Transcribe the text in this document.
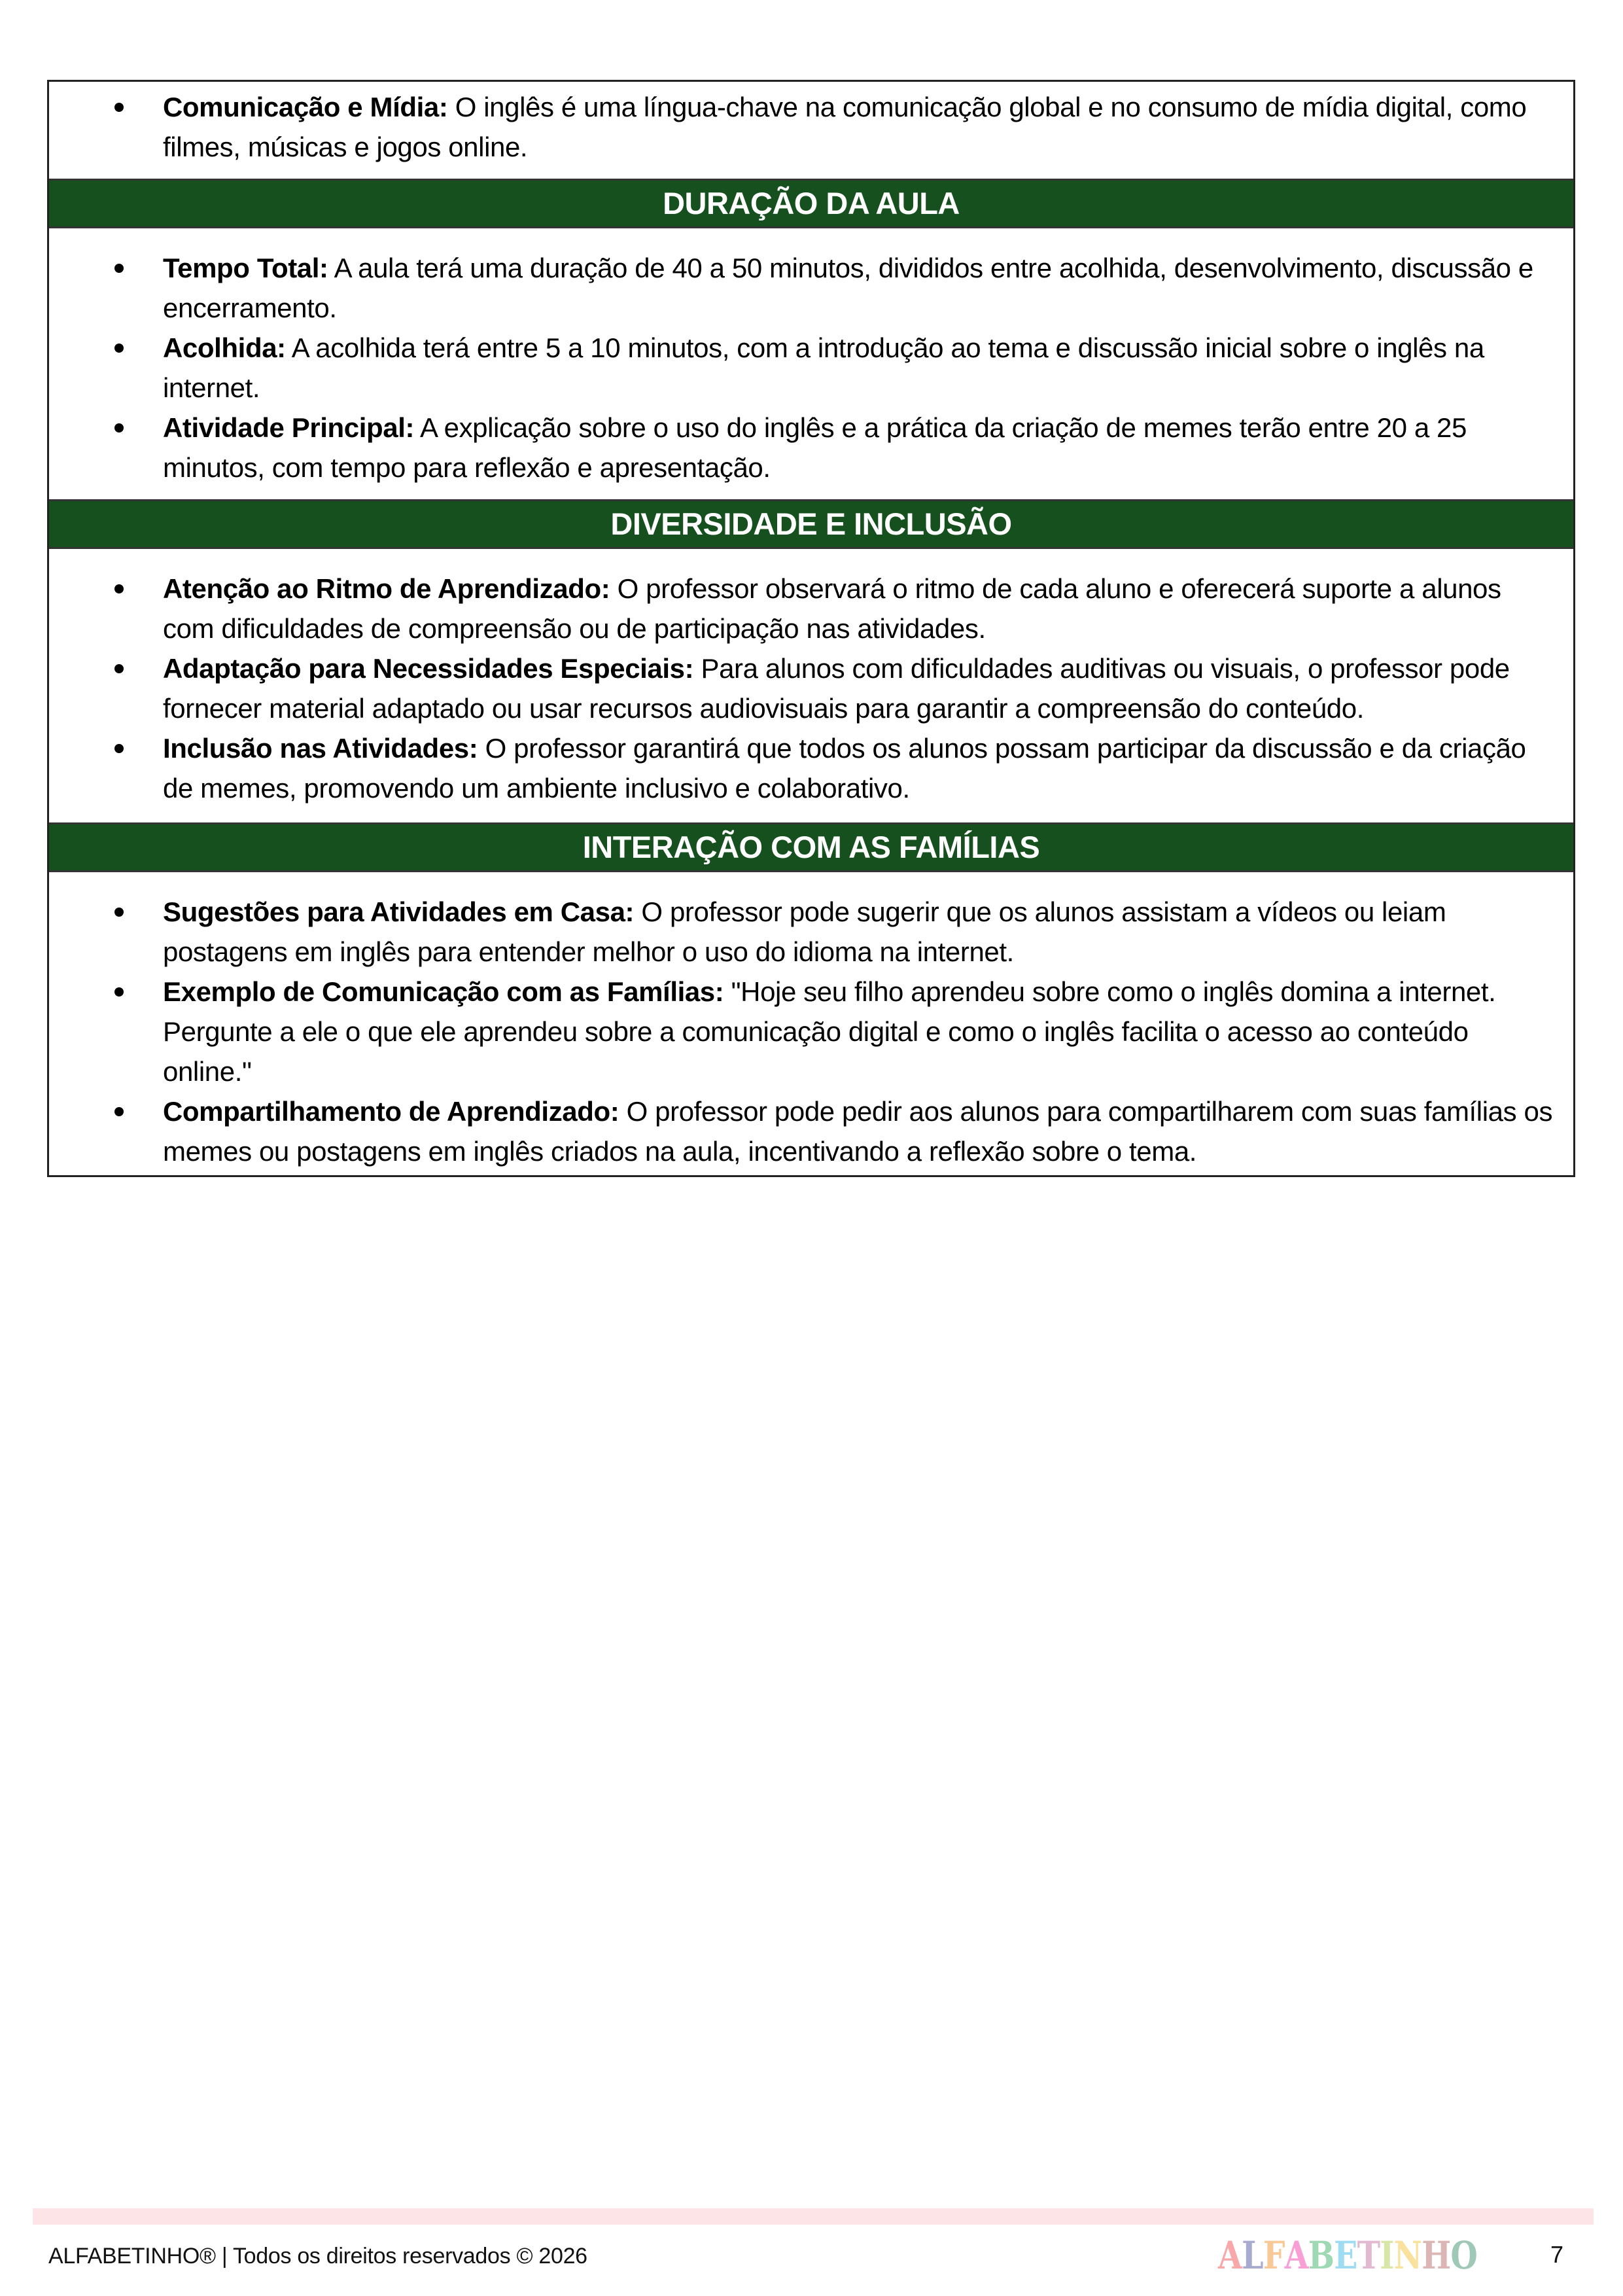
Comunicação e Mídia: O inglês é uma língua-chave na comunicação global e no consumo de mídia digital, como filmes, músicas e jogos online.
DURAÇÃO DA AULA
Tempo Total: A aula terá uma duração de 40 a 50 minutos, divididos entre acolhida, desenvolvimento, discussão e encerramento.
Acolhida: A acolhida terá entre 5 a 10 minutos, com a introdução ao tema e discussão inicial sobre o inglês na internet.
Atividade Principal: A explicação sobre o uso do inglês e a prática da criação de memes terão entre 20 a 25 minutos, com tempo para reflexão e apresentação.
DIVERSIDADE E INCLUSÃO
Atenção ao Ritmo de Aprendizado: O professor observará o ritmo de cada aluno e oferecerá suporte a alunos com dificuldades de compreensão ou de participação nas atividades.
Adaptação para Necessidades Especiais: Para alunos com dificuldades auditivas ou visuais, o professor pode fornecer material adaptado ou usar recursos audiovisuais para garantir a compreensão do conteúdo.
Inclusão nas Atividades: O professor garantirá que todos os alunos possam participar da discussão e da criação de memes, promovendo um ambiente inclusivo e colaborativo.
INTERAÇÃO COM AS FAMÍLIAS
Sugestões para Atividades em Casa: O professor pode sugerir que os alunos assistam a vídeos ou leiam postagens em inglês para entender melhor o uso do idioma na internet.
Exemplo de Comunicação com as Famílias: "Hoje seu filho aprendeu sobre como o inglês domina a internet. Pergunte a ele o que ele aprendeu sobre a comunicação digital e como o inglês facilita o acesso ao conteúdo online."
Compartilhamento de Aprendizado: O professor pode pedir aos alunos para compartilharem com suas famílias os memes ou postagens em inglês criados na aula, incentivando a reflexão sobre o tema.
ALFABETINHO® | Todos os direitos reservados © 2026	ALFABETINHO	7
